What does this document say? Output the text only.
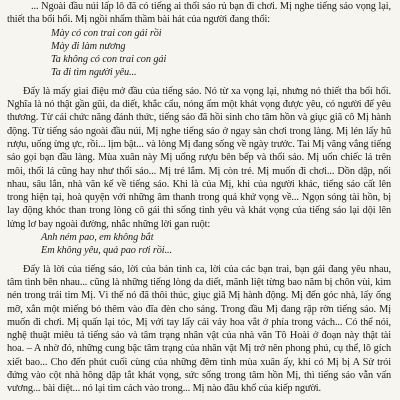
... Ngoài đầu núi lấp lô đã có tiếng ai thổi sáo rủ bạn đi chơi. Mị nghe tiếng sáo vọng lại, thiết tha bổi hổi. Mị ngồi nhẩm thầm bài hát của người đang thổi:

Mày có con trai con gái rồi
Mày đi làm nương
Ta không có con trai con gái
Ta đi tìm người yêu...

Đấy là mấy giai điệu mở đầu của tiếng sáo. Nó từ xa vọng lại, nhưng nó thiết tha bổi hổi. Nghĩa là nó thật gần gũi, da diết, khắc cẩu, nóng ấm một khát vọng được yêu, có người để yêu thương. Từ cái chức năng đánh thức, tiếng sáo đã hồi sinh cho tâm hồn và giục giã cô Mị hành động. Từ tiếng sáo ngoài đầu núi, Mị nghe tiếng sáo ở ngay sàn chơi trong làng. Mị lén lấy hũ rượu, uống ừng ực, rồi... lịm bật... và lòng Mị đang sống về ngày trước. Tai Mị văng vẳng tiếng sáo gọi bạn đầu làng. Mùa xuân này Mị uống rượu bên bếp và thổi sáo. Mị uốn chiếc lá trên môi, thổi lá cũng hay như thổi sáo... Mị trẻ lắm. Mị còn trẻ. Mị muốn đi chơi... Dồn dập, nối nhau, sâu lắn, nhà văn kể về tiếng sáo. Khi là của Mị, khi của người khác, tiếng sáo cất lên trong hiện tại, hoà quyện với những âm thanh trong quá khứ vọng về... Ngọn sóng tài hồn, bị lay động khóc than trong lòng cô gái thì sống tinh yêu và khát vọng của tiếng sáo lại dội lên lửng lơ bay ngoài đường, nhắc những lời gan ruột:

Anh ném pao, em không bắt
Em không yêu, quả pao rơi rồi...

Đấy là lời của tiếng sáo, lời của bản tình ca, lời của các bạn trai, bạn gái đang yêu nhau, tâm tình bên nhau... cũng là những tiếng lòng da diết, mãnh liệt từng bao năm bị chôn vùi, kìm nén trong trái tim Mị. Vì thế nó đã thôi thúc, giục giã Mị hành động. Mị đến góc nhà, lấy ống mỡ, xắn một miếng bỏ thêm vào đĩa đèn cho sáng. Trong đầu Mị đang rập rờn tiếng sáo. Mị muốn đi chơi. Mị quấn lại tóc, Mị với tay lấy cái váy hoa vắt ở phía trong vách... Có thể nói, nghệ thuật miêu tả tiếng sáo và tâm trạng nhân vật của nhà văn Tô Hoài ở đoạn này thật tài hoa. – A nhờ đó, những cung bậc tâm trạng của nhân vật Mị trở nên phong phú, cụ thể, lô gích xiết bao... Cho đến phút cuối cùng của những đêm tình mùa xuân ấy, khi có Mị bị A Sử trói đứng vào cột nhà hông dập tắt khát vọng, sức sống trong tâm hồn Mị, thì tiếng sáo vẫn vấn vương... bài diệt... nó lại tìm cách vào trong... Mị nào đâu khổ của kiếp người.
